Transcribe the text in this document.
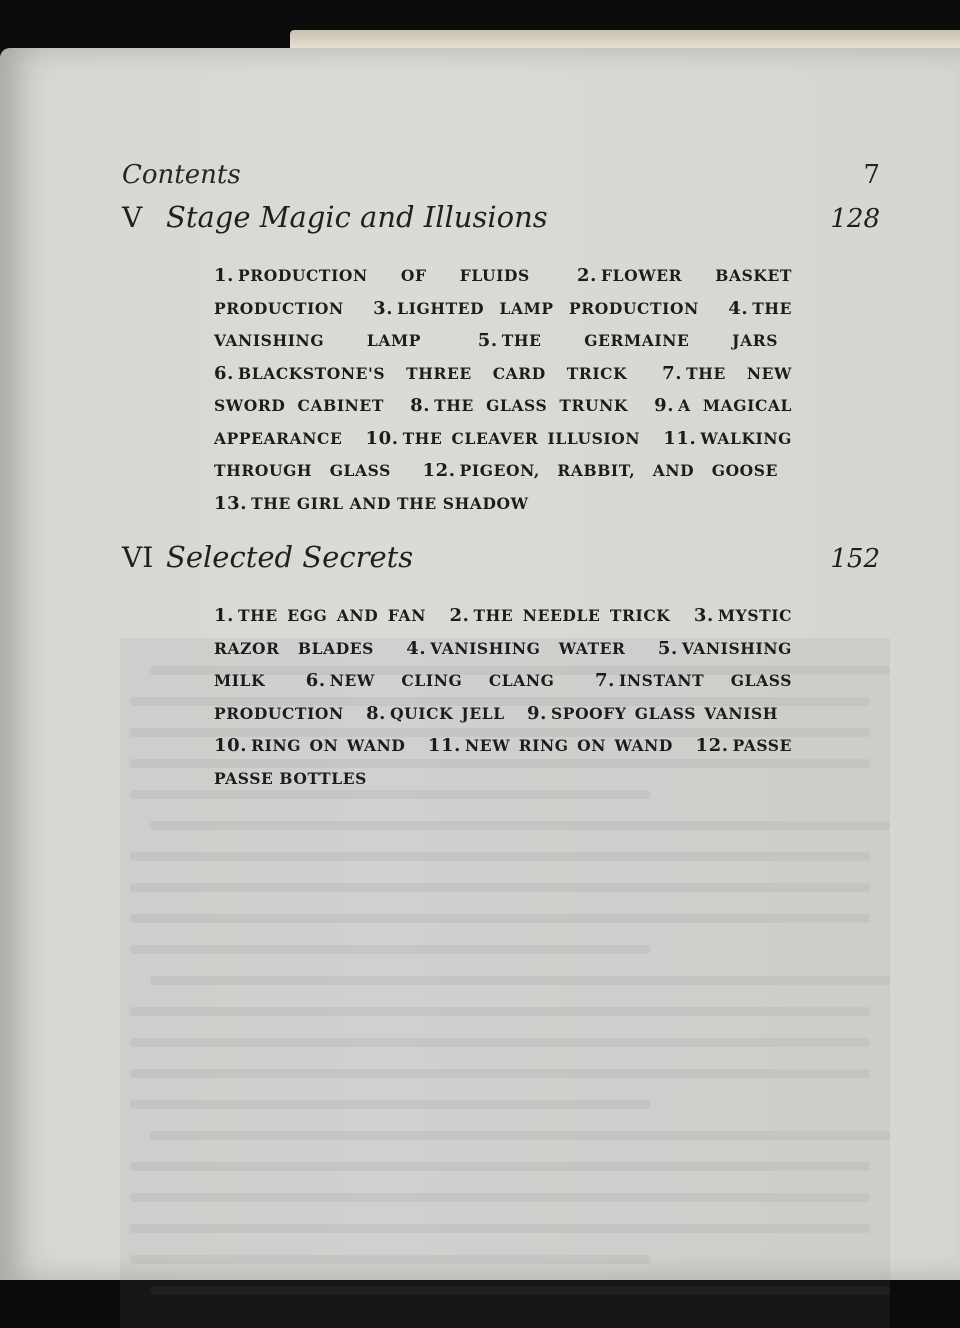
Contents	7
V Stage Magic and Illusions	128
1. PRODUCTION OF FLUIDS	2. FLOWER BASKET PRODUCTION 3. LIGHTED LAMP PRODUCTION 4. THE VANISHING LAMP	5. THE GERMAINE JARS 6. BLACKSTONE'S THREE CARD TRICK 7. THE NEW SWORD CABINET 8. THE GLASS TRUNK 9. A MAGICAL APPEARANCE 10. THE CLEAVER ILLUSION 11. WALKING THROUGH GLASS 12. PIGEON, RABBIT, AND GOOSE 13. THE GIRL AND THE SHADOW
VI Selected Secrets	152
1. THE EGG AND FAN 2. THE NEEDLE TRICK 3. MYSTIC RAZOR BLADES 4. VANISHING WATER 5. VANISHING MILK 6. NEW CLING CLANG 7. INSTANT GLASS PRODUCTION 8. QUICK JELL 9. SPOOFY GLASS VANISH 10. RING ON WAND 11. NEW RING ON WAND 12. PASSE PASSE BOTTLES
